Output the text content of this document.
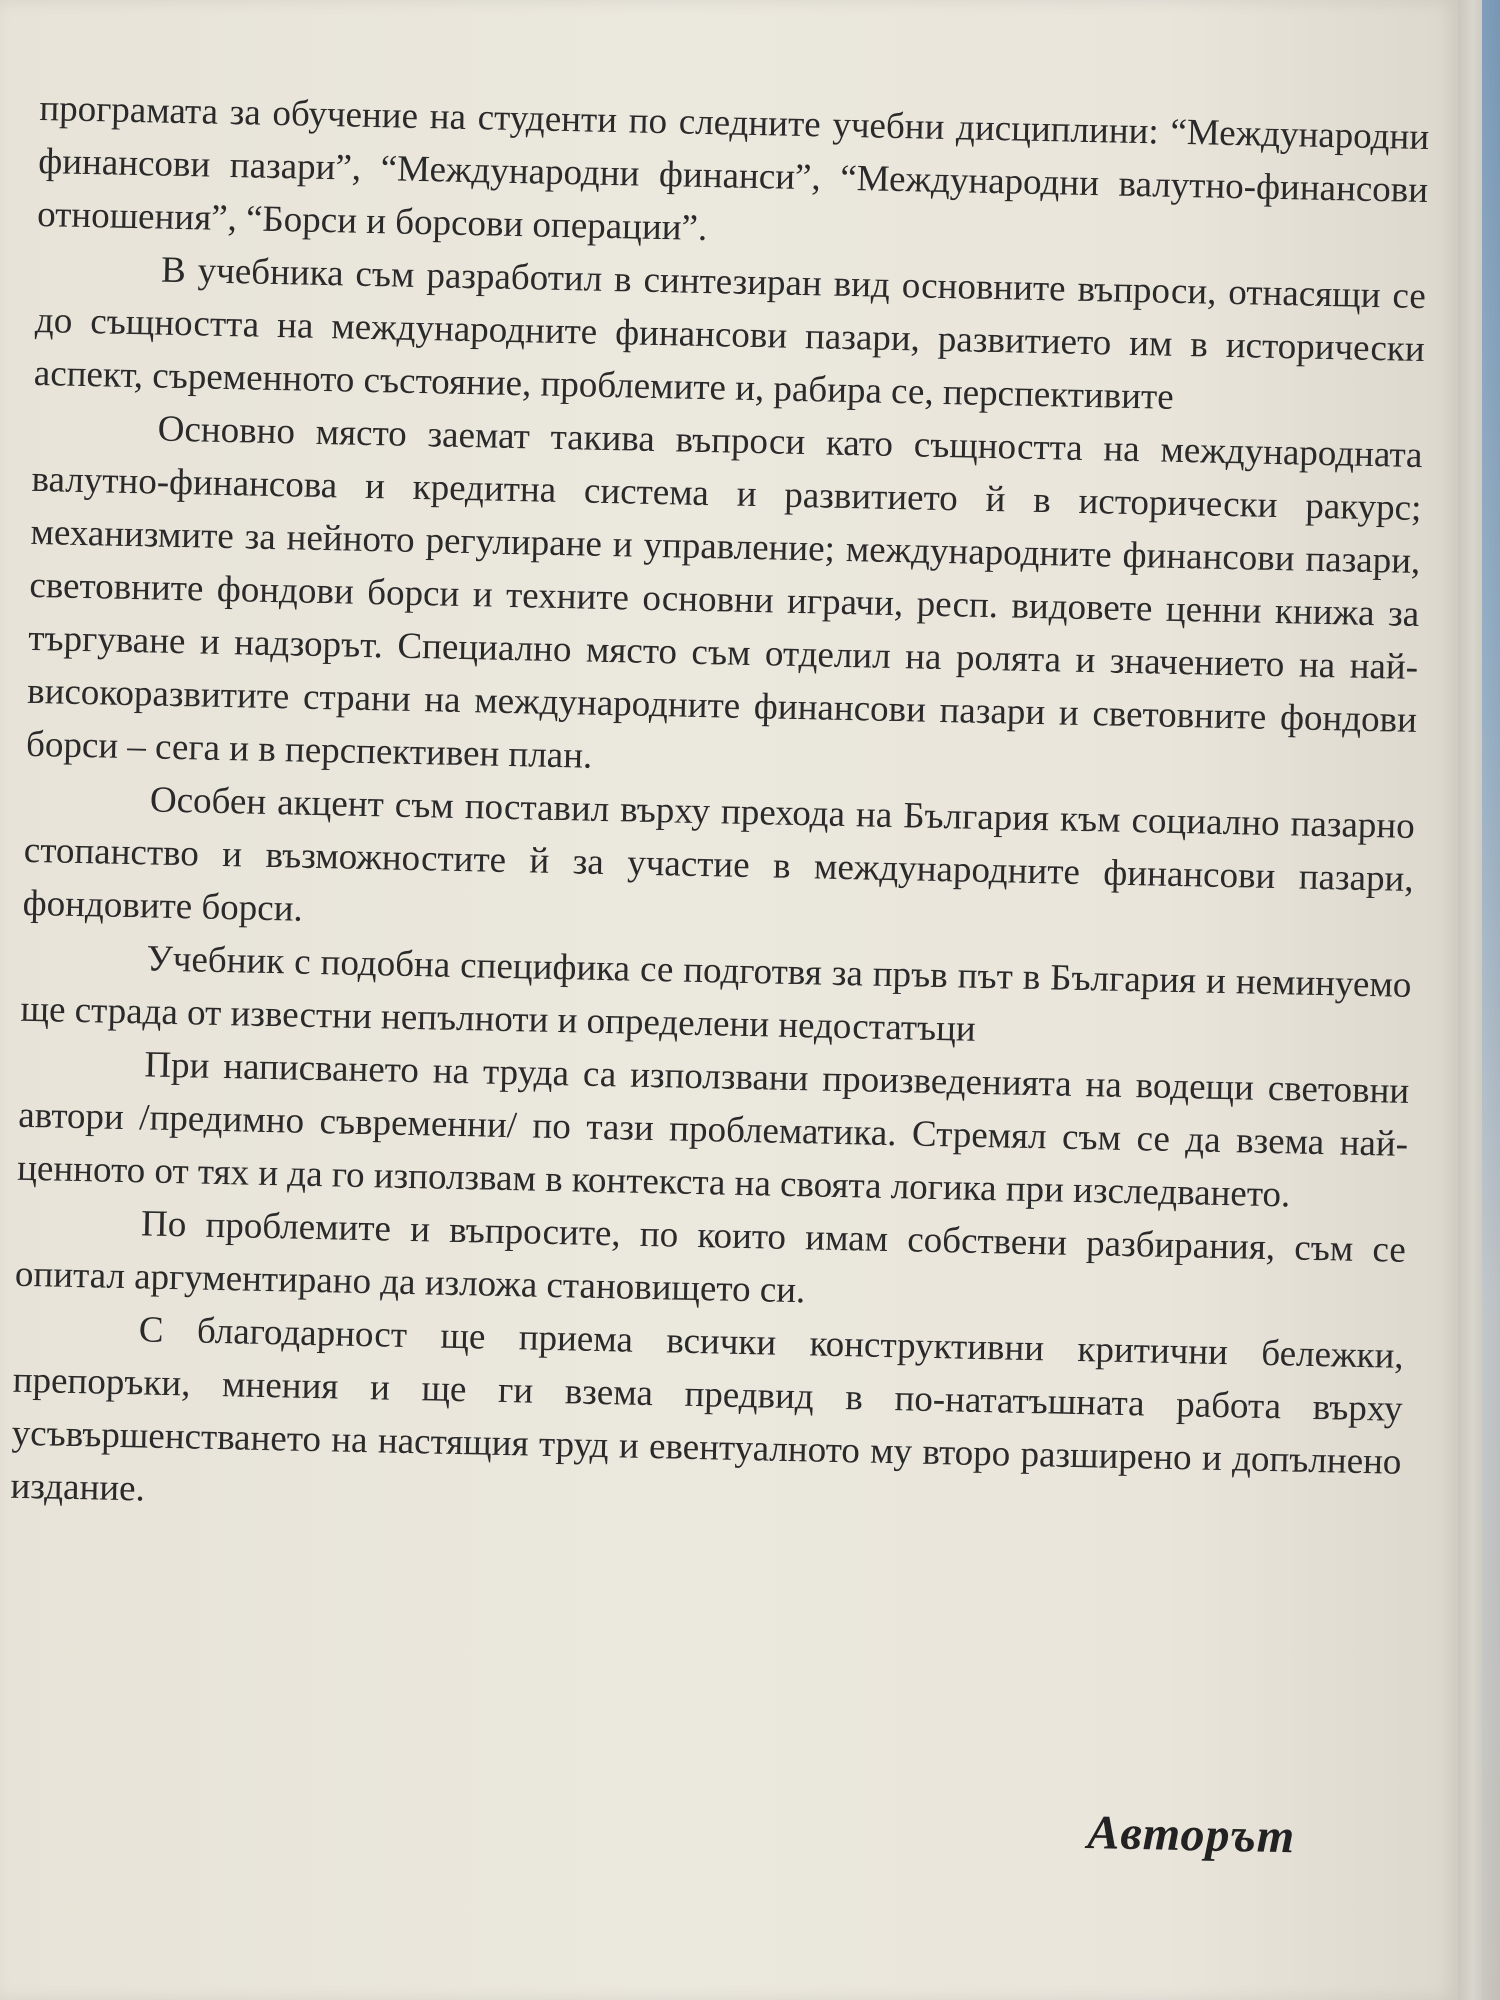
програмата за обучение на студенти по следните учебни дисциплини: “Международни финансови пазари”, “Международни финанси”, “Международни валутно-финансови отношения”, “Борси и борсови операции”.

В учебника съм разработил в синтезиран вид основните въпроси, отнасящи се до същността на международните финансови пазари, развитието им в исторически аспект, съременното състояние, проблемите и, рабира се, перспективите

Основно място заемат такива въпроси като същността на международната валутно-финансова и кредитна система и развитието й в исторически ракурс; механизмите за нейното регулиране и управление; международните финансови пазари, световните фондови борси и техните основни играчи, респ. видовете ценни книжа за търгуване и надзорът. Специално място съм отделил на ролята и значението на най-високоразвитите страни на международните финансови пазари и световните фондови борси – сега и в перспективен план.

Особен акцент съм поставил върху прехода на България към социално пазарно стопанство и възможностите й за участие в международните финансови пазари, фондовите борси.

Учебник с подобна специфика се подготвя за пръв път в България и неминуемо ще страда от известни непълноти и определени недостатъци

При написването на труда са използвани произведенията на водещи световни автори /предимно съвременни/ по тази проблематика. Стремял съм се да взема най-ценното от тях и да го използвам в контекста на своята логика при изследването.

По проблемите и въпросите, по които имам собствени разбирания, съм се опитал аргументирано да изложа становището си.

С благодарност ще приема всички конструктивни критични бележки, препоръки, мнения и ще ги взема предвид в по-нататъшната работа върху усъвършенстването на настящия труд и евентуалното му второ разширено и допълнено издание.

Авторът
